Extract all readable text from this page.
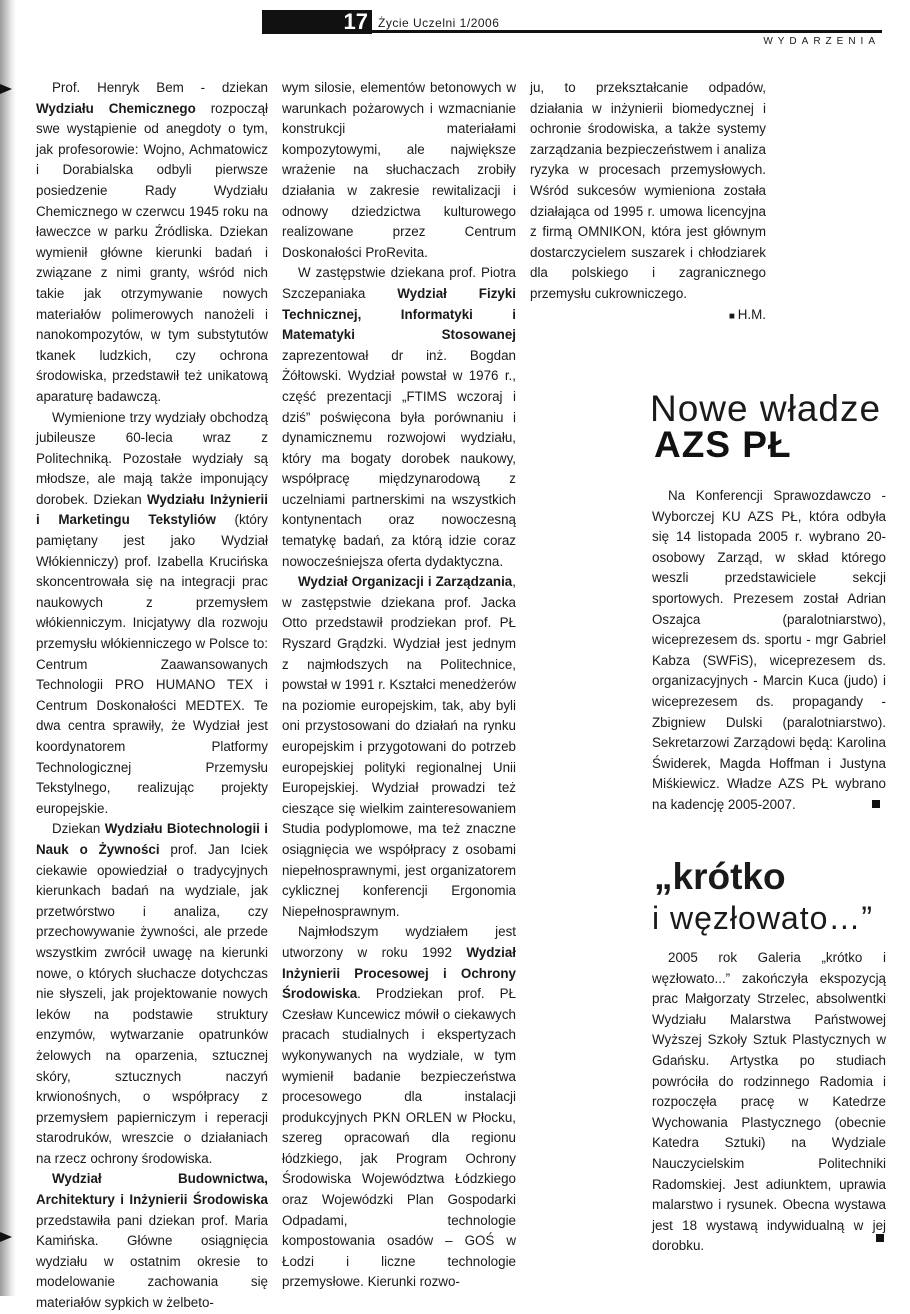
17 Życie Uczelni 1/2006
WYDARZENIA

Prof. Henryk Bem - dziekan Wydziału Chemicznego rozpoczął swe wystąpienie od anegdoty o tym, jak profesorowie: Wojno, Achmatowicz i Dorabialska odbyli pierwsze posiedzenie Rady Wydziału Chemicznego w czerwcu 1945 roku na ławeczce w parku Źródliska. Dziekan wymienił główne kierunki badań i związane z nimi granty, wśród nich takie jak otrzymywanie nowych materiałów polimerowych nanożeli i nanokompozytów, w tym substytutów tkanek ludzkich, czy ochrona środowiska, przedstawił też unikatową aparaturę badawczą.

Wymienione trzy wydziały obchodzą jubileusze 60-lecia wraz z Politechniką. Pozostałe wydziały są młodsze, ale mają także imponujący dorobek. Dziekan Wydziału Inżynierii i Marketingu Tekstyliów (który pamiętany jest jako Wydział Włókienniczy) prof. Izabella Krucińska skoncentrowała się na integracji prac naukowych z przemysłem włókienniczym. Inicjatywy dla rozwoju przemysłu włókienniczego w Polsce to: Centrum Zaawansowanych Technologii PRO HUMANO TEX i Centrum Doskonałości MEDTEX. Te dwa centra sprawiły, że Wydział jest koordynatorem Platformy Technologicznej Przemysłu Tekstylnego, realizując projekty europejskie.

Dziekan Wydziału Biotechnologii i Nauk o Żywności prof. Jan Iciek ciekawie opowiedział o tradycyjnych kierunkach badań na wydziale, jak przetwórstwo i analiza, czy przechowywanie żywności, ale przede wszystkim zwrócił uwagę na kierunki nowe, o których słuchacze dotychczas nie słyszeli, jak projektowanie nowych leków na podstawie struktury enzymów, wytwarzanie opatrunków żelowych na oparzenia, sztucznej skóry, sztucznych naczyń krwionośnych, o współpracy z przemysłem papierniczym i reperacji starodruków, wreszcie o działaniach na rzecz ochrony środowiska.

Wydział Budownictwa, Architektury i Inżynierii Środowiska przedstawiła pani dziekan prof. Maria Kamińska. Główne osiągnięcia wydziału w ostatnim okresie to modelowanie zachowania się materiałów sypkich w żelbeto-

wym silosie, elementów betonowych w warunkach pożarowych i wzmacnianie konstrukcji materiałami kompozytowymi, ale największe wrażenie na słuchaczach zrobiły działania w zakresie rewitalizacji i odnowy dziedzictwa kulturowego realizowane przez Centrum Doskonałości ProRevita.

W zastępstwie dziekana prof. Piotra Szczepaniaka Wydział Fizyki Technicznej, Informatyki i Matematyki Stosowanej zaprezentował dr inż. Bogdan Żółtowski. Wydział powstał w 1976 r., część prezentacji „FTIMS wczoraj i dziś” poświęcona była porównaniu i dynamicznemu rozwojowi wydziału, który ma bogaty dorobek naukowy, współpracę międzynarodową z uczelniami partnerskimi na wszystkich kontynentach oraz nowoczesną tematykę badań, za którą idzie coraz nowocześniejsza oferta dydaktyczna.

Wydział Organizacji i Zarządzania, w zastępstwie dziekana prof. Jacka Otto przedstawił prodziekan prof. PŁ Ryszard Grądzki. Wydział jest jednym z najmłodszych na Politechnice, powstał w 1991 r. Kształci menedżerów na poziomie europejskim, tak, aby byli oni przystosowani do działań na rynku europejskim i przygotowani do potrzeb europejskiej polityki regionalnej Unii Europejskiej. Wydział prowadzi też cieszące się wielkim zainteresowaniem Studia podyplomowe, ma też znaczne osiągnięcia we współpracy z osobami niepełnosprawnymi, jest organizatorem cyklicznej konferencji Ergonomia Niepełnosprawnym.

Najmłodszym wydziałem jest utworzony w roku 1992 Wydział Inżynierii Procesowej i Ochrony Środowiska. Prodziekan prof. PŁ Czesław Kuncewicz mówił o ciekawych pracach studialnych i ekspertyzach wykonywanych na wydziale, w tym wymienił badanie bezpieczeństwa procesowego dla instalacji produkcyjnych PKN ORLEN w Płocku, szereg opracowań dla regionu łódzkiego, jak Program Ochrony Środowiska Województwa Łódzkiego oraz Wojewódzki Plan Gospodarki Odpadami, technologie kompostowania osadów – GOŚ w Łodzi i liczne technologie przemysłowe. Kierunki rozwo-

ju, to przekształcanie odpadów, działania w inżynierii biomedycznej i ochronie środowiska, a także systemy zarządzania bezpieczeństwem i analiza ryzyka w procesach przemysłowych. Wśród sukcesów wymieniona została działająca od 1995 r. umowa licencyjna z firmą OMNIKON, która jest głównym dostarczycielem suszarek i chłodziarek dla polskiego i zagranicznego przemysłu cukrowniczego.

■ H.M.

Nowe władze
AZS PŁ

Na Konferencji Sprawozdawczo - Wyborczej KU AZS PŁ, która odbyła się 14 listopada 2005 r. wybrano 20-osobowy Zarząd, w skład którego weszli przedstawiciele sekcji sportowych. Prezesem został Adrian Oszajca (paralotniarstwo), wiceprezesem ds. sportu - mgr Gabriel Kabza (SWFiS), wiceprezesem ds. organizacyjnych - Marcin Kuca (judo) i wiceprezesem ds. propagandy - Zbigniew Dulski (paralotniarstwo). Sekretarzowi Zarządowi będą: Karolina Świderek, Magda Hoffman i Justyna Miśkiewicz. Władze AZS PŁ wybrano na kadencję 2005-2007.

„krótko
i węzłowato…”

2005 rok Galeria „krótko i węzłowato...” zakończyła ekspozycją prac Małgorzaty Strzelec, absolwentki Wydziału Malarstwa Państwowej Wyższej Szkoły Sztuk Plastycznych w Gdańsku. Artystka po studiach powróciła do rodzinnego Radomia i rozpoczęła pracę w Katedrze Wychowania Plastycznego (obecnie Katedra Sztuki) na Wydziale Nauczycielskim Politechniki Radomskiej. Jest adiunktem, uprawia malarstwo i rysunek. Obecna wystawa jest 18 wystawą indywidualną w jej dorobku.
